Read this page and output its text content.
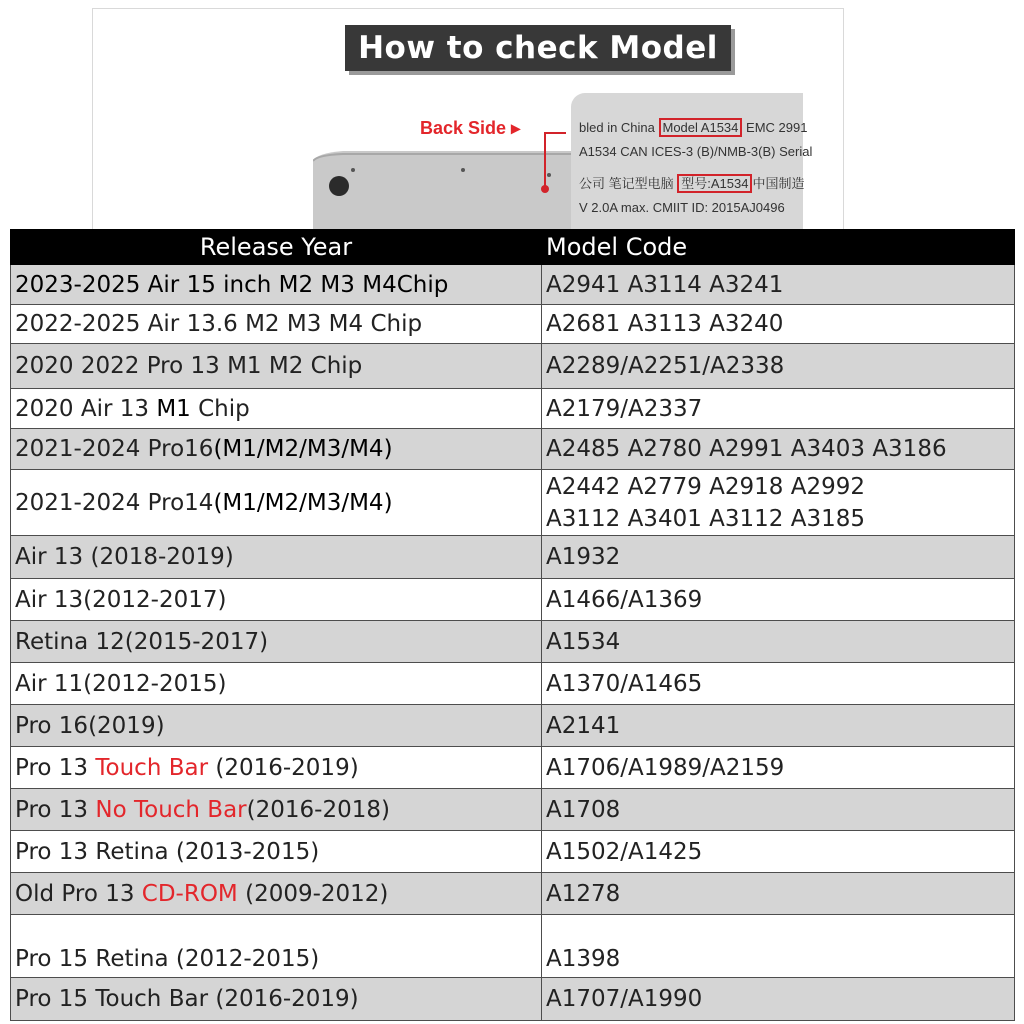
How to check Model
Back Side ▸	bled in China Model A1534 EMC 2991
A1534 CAN ICES-3 (B)/NMB-3(B) Serial
公司 笔记型电脑 型号:A1534 中国制造
V 2.0A max. CMIIT ID: 2015AJ0496
Release Year	Model Code
2023-2025 Air 15 inch M2 M3 M4Chip	A2941 A3114 A3241

2022-2025 Air 13.6 M2 M3 M4 Chip	A2681 A3113 A3240

2020 2022 Pro 13 M1 M2 Chip	A2289/A2251/A2338

2020 Air 13 M1 Chip	A2179/A2337

2021-2024 Pro16(M1/M2/M3/M4)	A2485 A2780 A2991 A3403 A3186

2021-2024 Pro14(M1/M2/M3/M4)	A2442 A2779 A2918 A2992
A3112 A3401 A3112 A3185

Air 13 (2018-2019)	A1932

Air 13(2012-2017)	A1466/A1369

Retina 12(2015-2017)	A1534

Air 11(2012-2015)	A1370/A1465

Pro 16(2019)	A2141

Pro 13 Touch Bar (2016-2019)	A1706/A1989/A2159

Pro 13 No Touch Bar(2016-2018)	A1708

Pro 13 Retina (2013-2015)	A1502/A1425

Old Pro 13 CD-ROM (2009-2012)	A1278

Pro 15 Retina (2012-2015)	A1398

Pro 15 Touch Bar (2016-2019)	A1707/A1990
